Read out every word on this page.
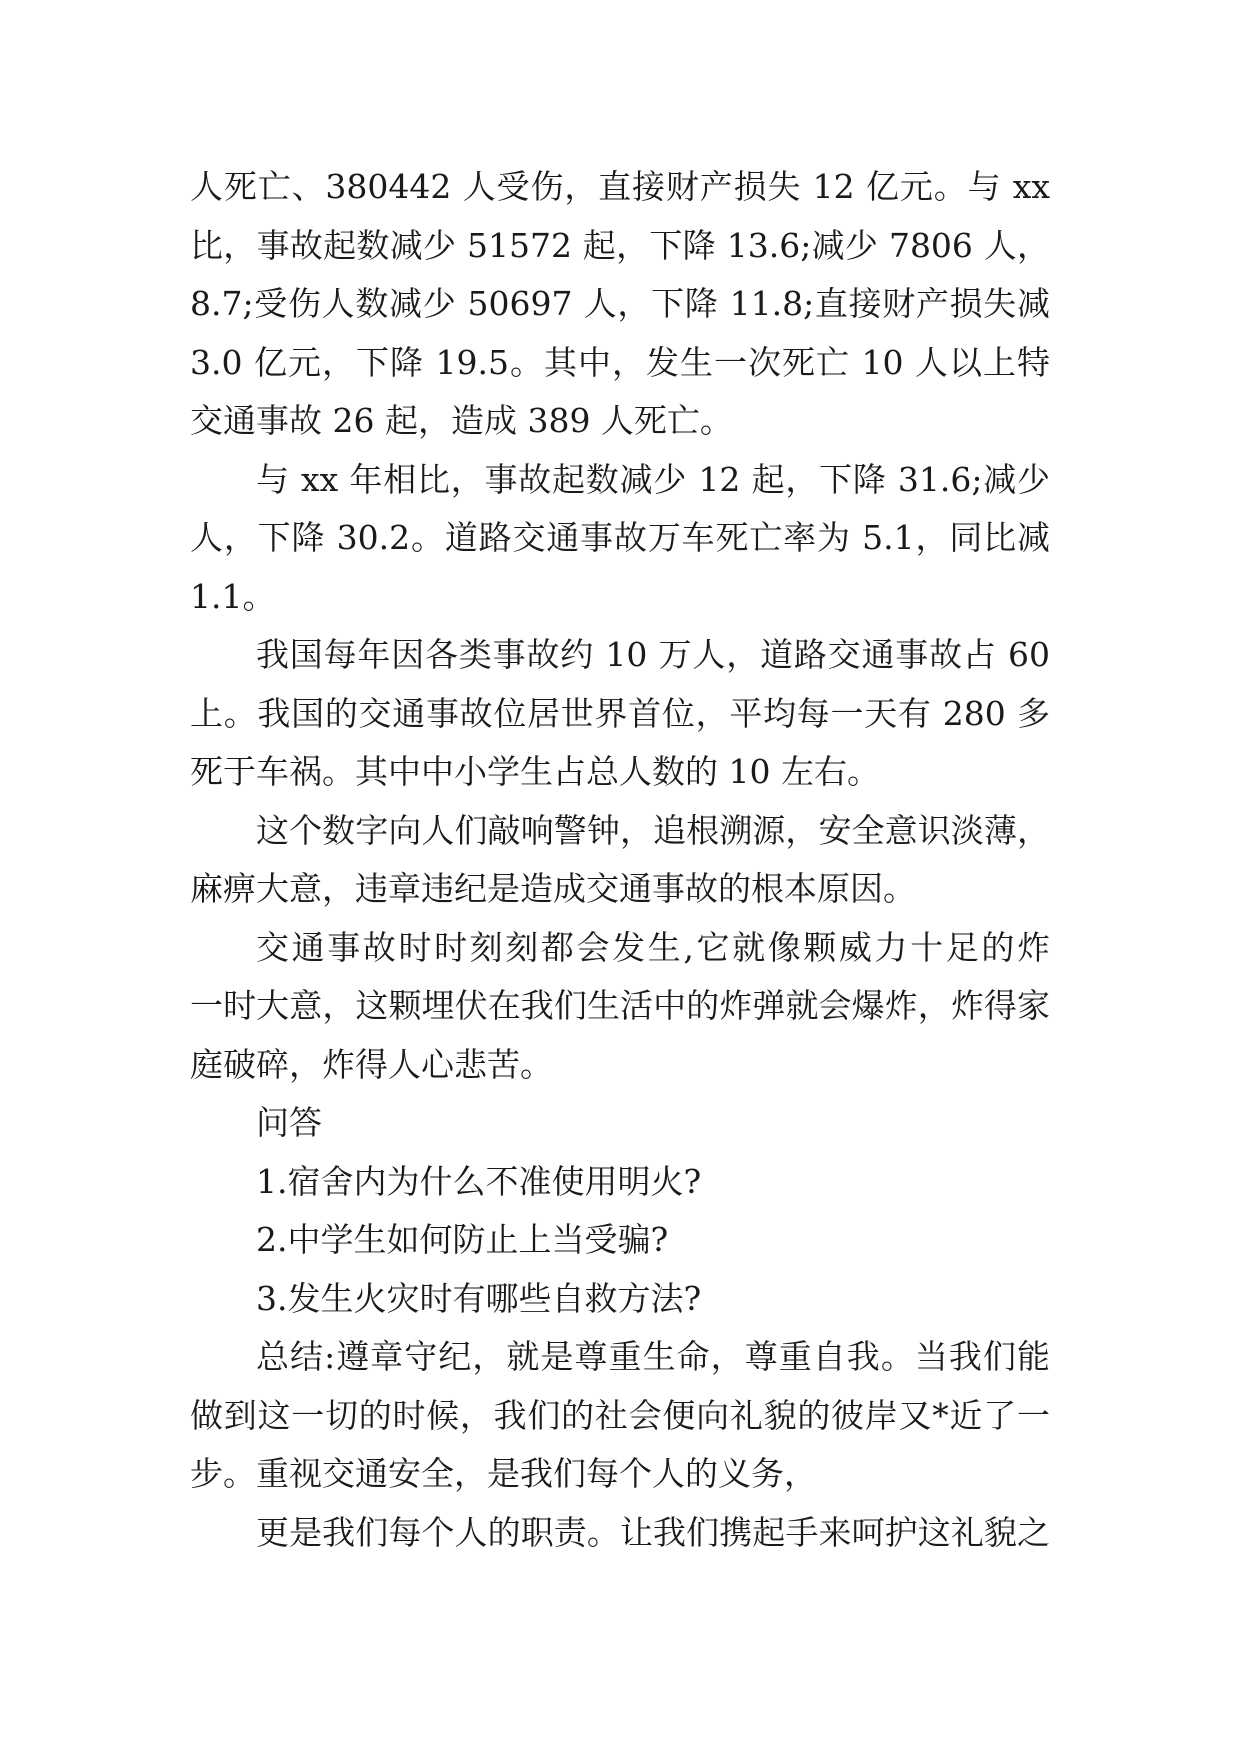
人死亡、380442 人受伤，直接财产损失 12 亿元。与 xx
比，事故起数减少 51572 起，下降 13.6;减少 7806 人，
8.7;受伤人数减少 50697 人，下降 11.8;直接财产损失减
3.0 亿元，下降 19.5。其中，发生一次死亡 10 人以上特
交通事故 26 起，造成 389 人死亡。
与 xx 年相比，事故起数减少 12 起，下降 31.6;减少
人，下降 30.2。道路交通事故万车死亡率为 5.1，同比减
1.1。
我国每年因各类事故约 10 万人，道路交通事故占 60
上。我国的交通事故位居世界首位，平均每一天有 280 多
死于车祸。其中中小学生占总人数的 10 左右。
这个数字向人们敲响警钟，追根溯源，安全意识淡薄，
麻痹大意，违章违纪是造成交通事故的根本原因。
交通事故时时刻刻都会发生,它就像颗威力十足的炸
一时大意，这颗埋伏在我们生活中的炸弹就会爆炸，炸得家
庭破碎，炸得人心悲苦。
问答
1.宿舍内为什么不准使用明火?
2.中学生如何防止上当受骗?
3.发生火灾时有哪些自救方法?
总结:遵章守纪，就是尊重生命，尊重自我。当我们能
做到这一切的时候，我们的社会便向礼貌的彼岸又*近了一
步。重视交通安全，是我们每个人的义务，
更是我们每个人的职责。让我们携起手来呵护这礼貌之
